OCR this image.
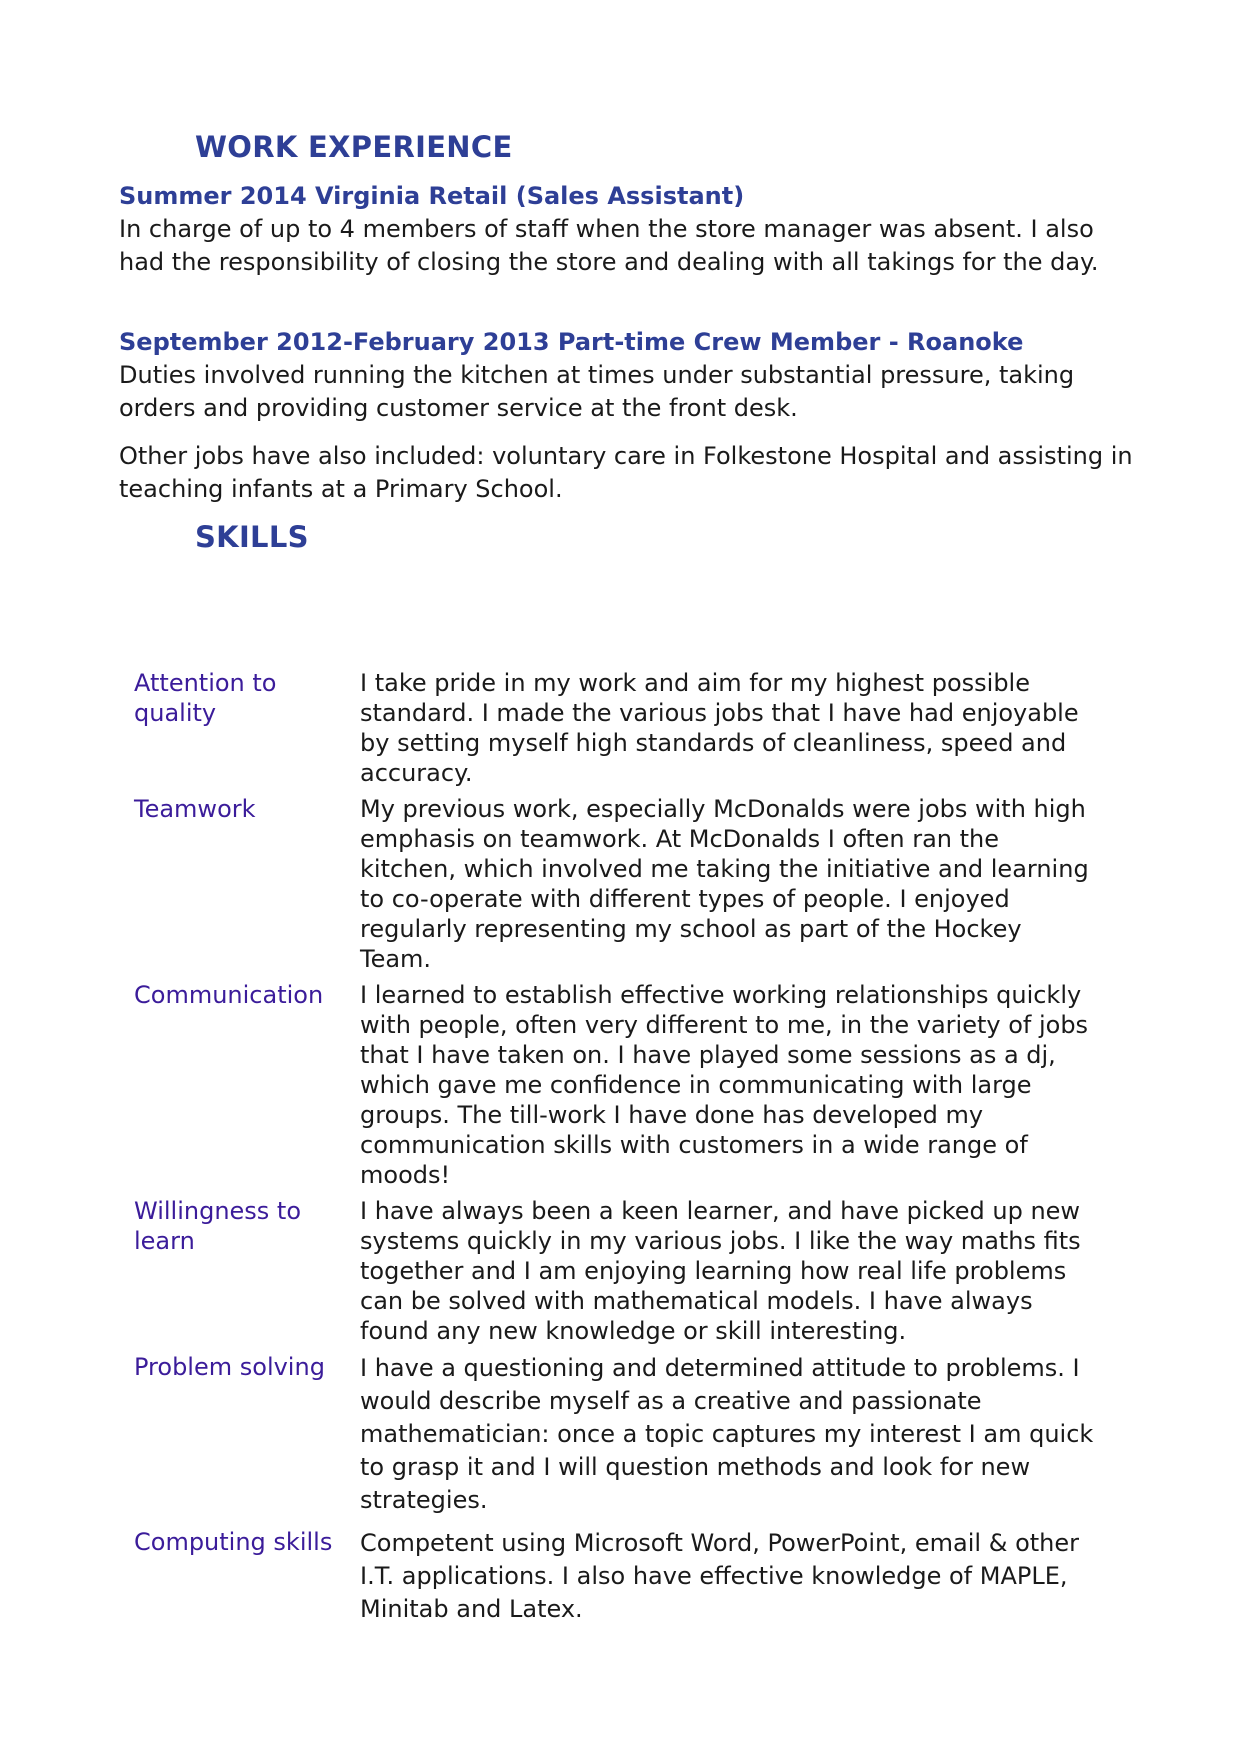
WORK EXPERIENCE

Summer 2014 Virginia Retail (Sales Assistant)

In charge of up to 4 members of staff when the store manager was absent. I also had the responsibility of closing the store and dealing with all takings for the day.

September 2012-February 2013 Part-time Crew Member - Roanoke

Duties involved running the kitchen at times under substantial pressure, taking orders and providing customer service at the front desk.

Other jobs have also included: voluntary care in Folkestone Hospital and assisting in teaching infants at a Primary School.

SKILLS
Attention to quality	I take pride in my work and aim for my highest possible standard. I made the various jobs that I have had enjoyable by setting myself high standards of cleanliness, speed and accuracy.
Teamwork	My previous work, especially McDonalds were jobs with high emphasis on teamwork. At McDonalds I often ran the kitchen, which involved me taking the initiative and learning to co-operate with different types of people. I enjoyed regularly representing my school as part of the Hockey Team.
Communication	I learned to establish effective working relationships quickly with people, often very different to me, in the variety of jobs that I have taken on. I have played some sessions as a dj, which gave me confidence in communicating with large groups. The till-work I have done has developed my communication skills with customers in a wide range of moods!
Willingness to learn	I have always been a keen learner, and have picked up new systems quickly in my various jobs. I like the way maths fits together and I am enjoying learning how real life problems can be solved with mathematical models. I have always found any new knowledge or skill interesting.
Problem solving	I have a questioning and determined attitude to problems. I would describe myself as a creative and passionate mathematician: once a topic captures my interest I am quick to grasp it and I will question methods and look for new strategies.
Computing skills	Competent using Microsoft Word, PowerPoint, email & other I.T. applications. I also have effective knowledge of MAPLE, Minitab and Latex.
